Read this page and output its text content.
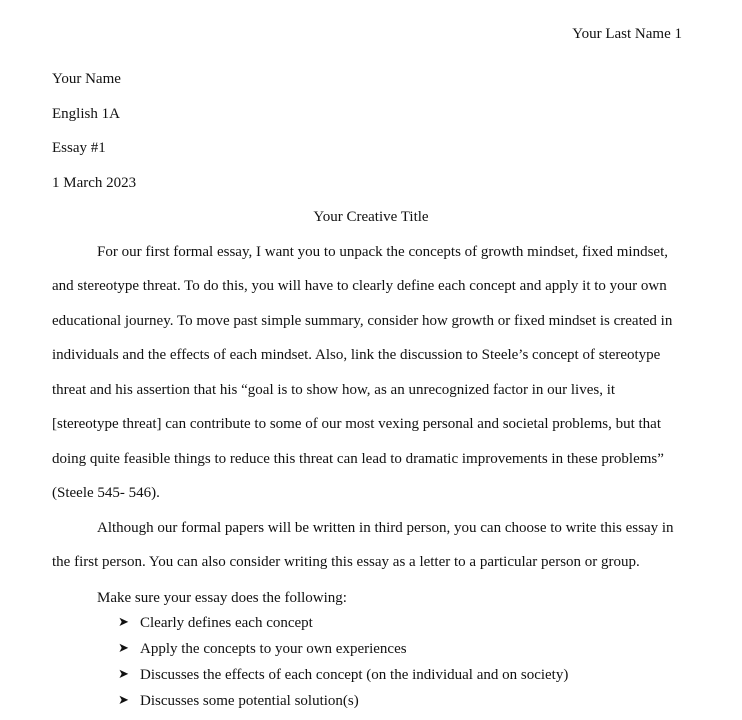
Your Last Name 1
Your Name
English 1A
Essay #1
1 March 2023
Your Creative Title
For our first formal essay, I want you to unpack the concepts of growth mindset, fixed mindset,
and stereotype threat. To do this, you will have to clearly define each concept and apply it to your own
educational journey. To move past simple summary, consider how growth or fixed mindset is created in
individuals and the effects of each mindset. Also, link the discussion to Steele’s concept of stereotype
threat and his assertion that his “goal is to show how, as an unrecognized factor in our lives, it
[stereotype threat] can contribute to some of our most vexing personal and societal problems, but that
doing quite feasible things to reduce this threat can lead to dramatic improvements in these problems”
(Steele 545- 546).
Although our formal papers will be written in third person, you can choose to write this essay in
the first person. You can also consider writing this essay as a letter to a particular person or group.
Make sure your essay does the following:
➤ Clearly defines each concept
➤ Apply the concepts to your own experiences
➤ Discusses the effects of each concept (on the individual and on society)
➤ Discusses some potential solution(s)
